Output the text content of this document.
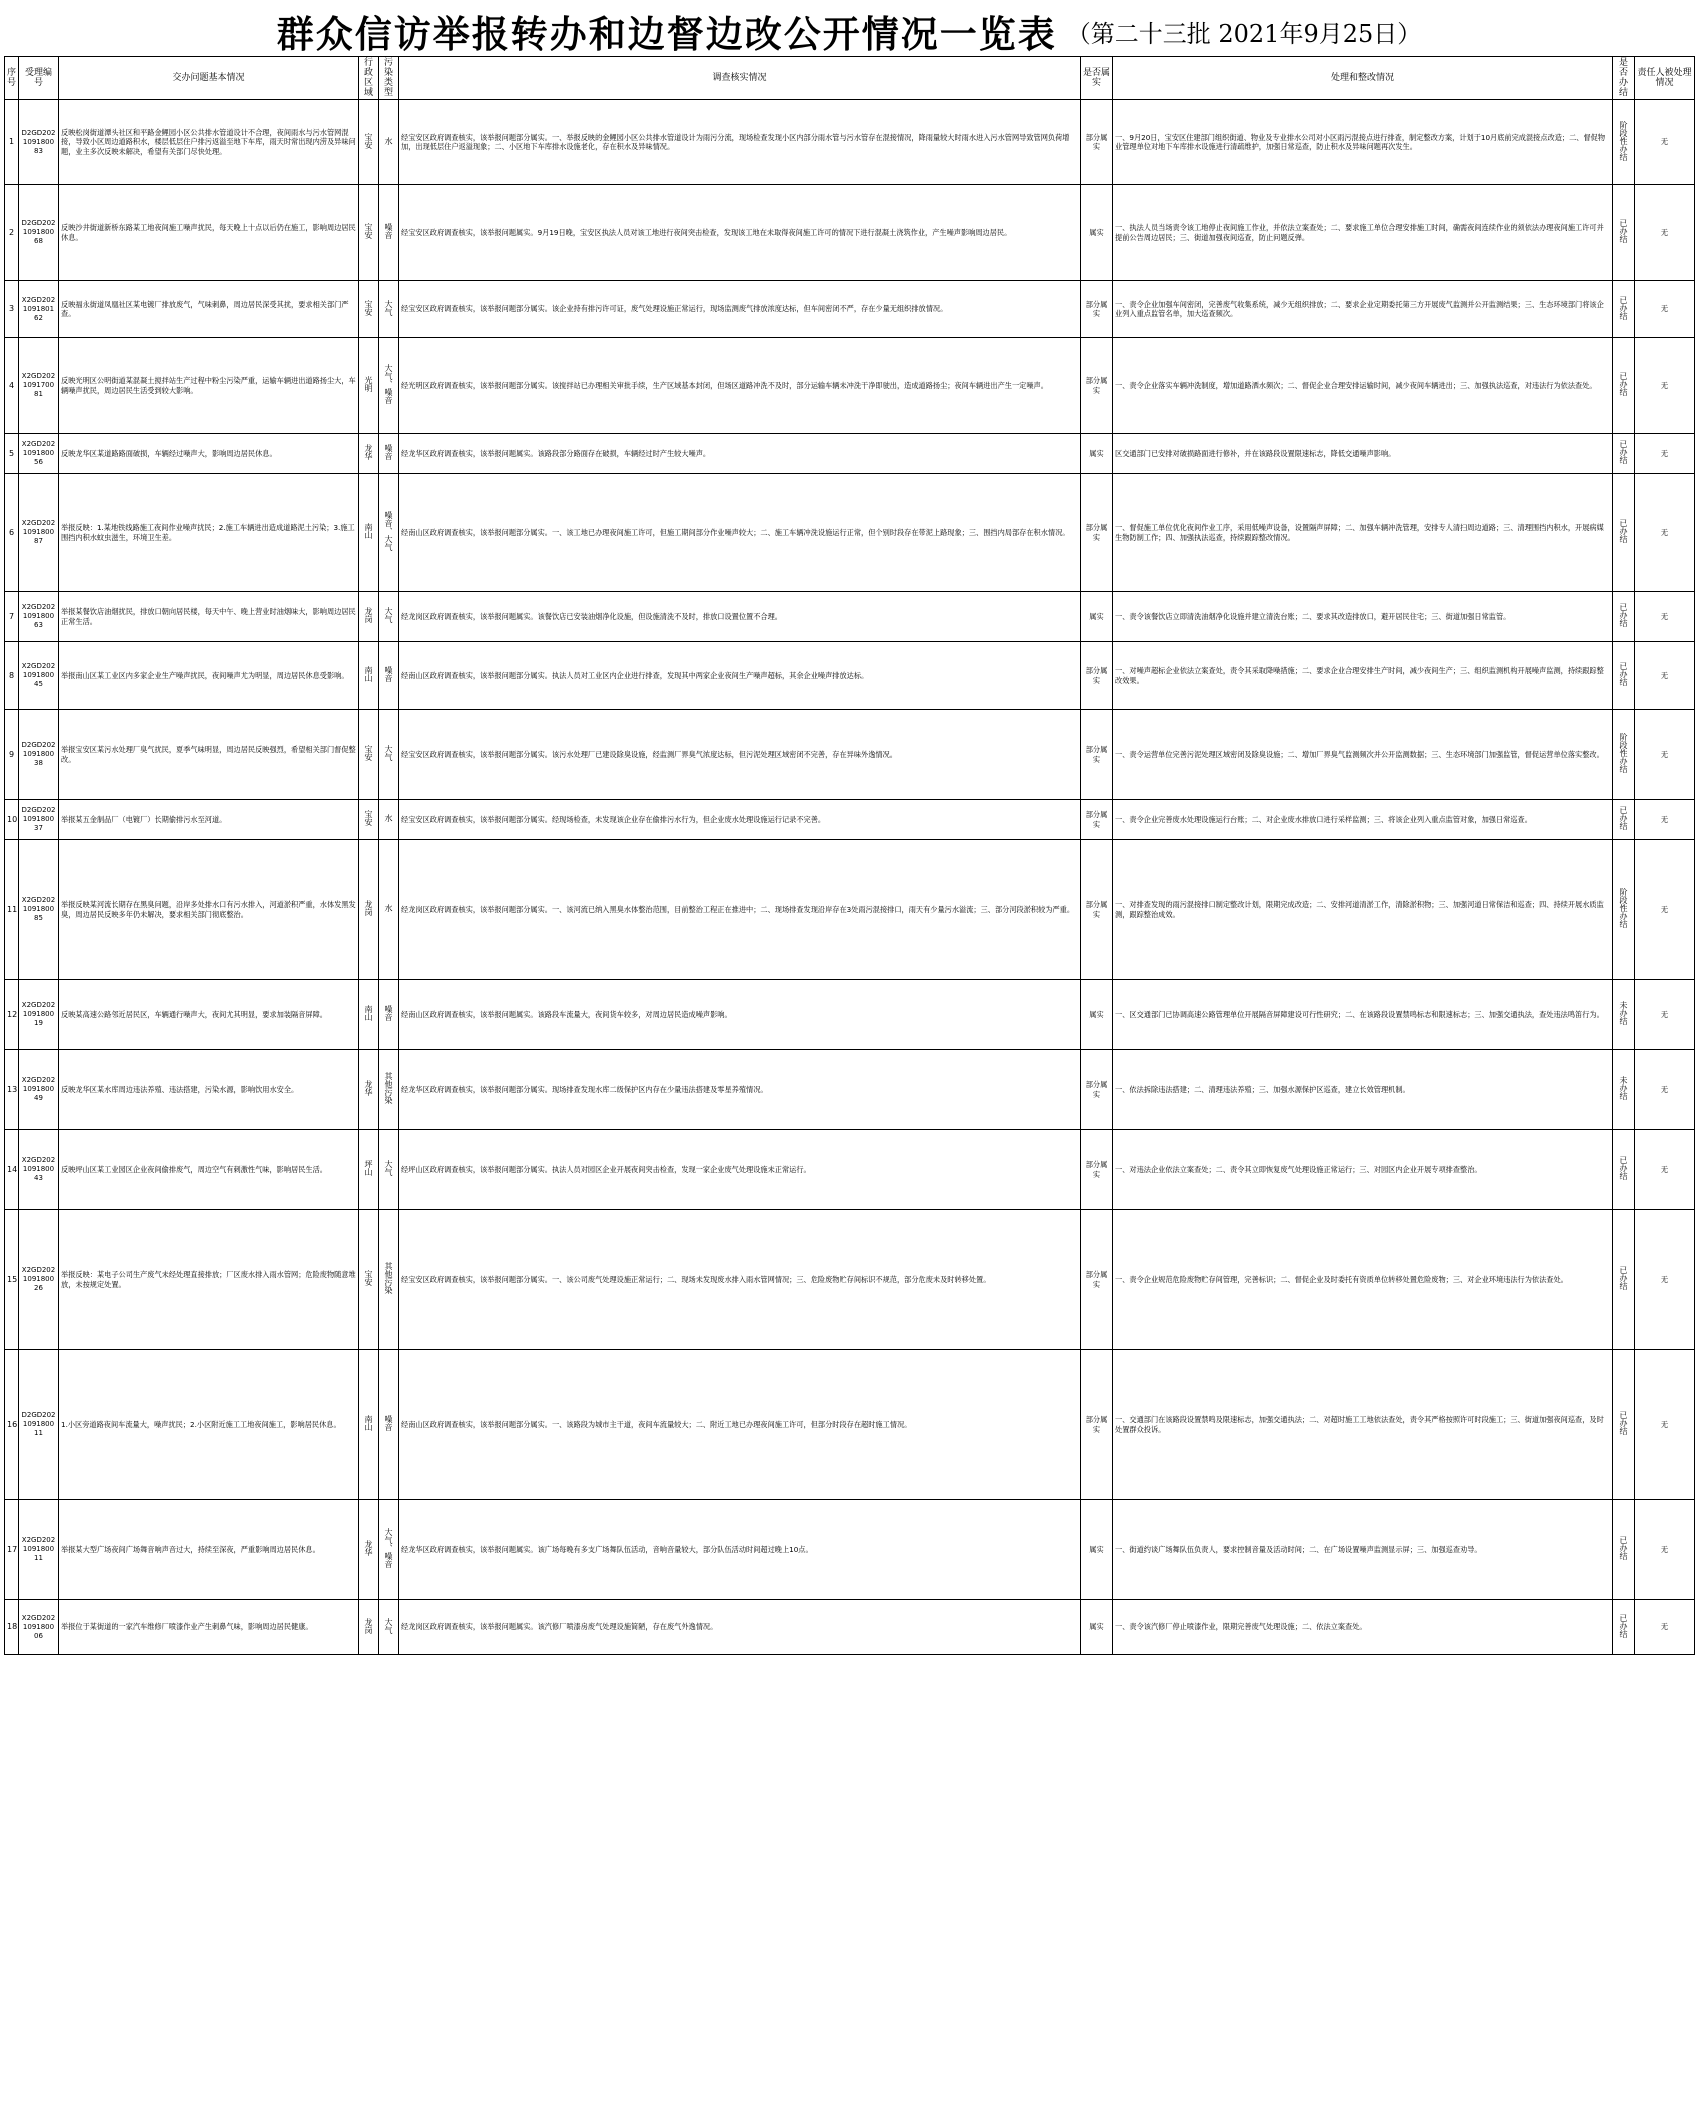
群众信访举报转办和边督边改公开情况一览表 （第二十三批 2021年9月25日）
序号	受理编号	交办问题基本情况	行政区域	污染类型	调查核实情况	是否属实	处理和整改情况	是否办结	责任人被处理情况
1	D2GD202109180083	反映松岗街道潭头社区和平路金鲤园小区公共排水管道设计不合理，夜间雨水与污水管网混接，导致小区周边道路积水，楼层低层住户排污返溢至地下车库，雨天时常出现内涝及异味问题，业主多次反映未解决，希望有关部门尽快处理。	宝安	水	经宝安区政府调查核实，该举报问题部分属实。一、举报反映的金鲤园小区公共排水管道设计为雨污分流，现场检查发现小区内部分雨水管与污水管存在混接情况，降雨量较大时雨水进入污水管网导致管网负荷增加，出现低层住户返溢现象；二、小区地下车库排水设施老化，存在积水及异味情况。	部分属实	一、9月20日，宝安区住建部门组织街道、物业及专业排水公司对小区雨污混接点进行排查，制定整改方案，计划于10月底前完成混接点改造；二、督促物业管理单位对地下车库排水设施进行清疏维护，加强日常巡查，防止积水及异味问题再次发生。	阶段性办结	无
2	D2GD202109180068	反映沙井街道新桥东路某工地夜间施工噪声扰民，每天晚上十点以后仍在施工，影响周边居民休息。	宝安	噪音	经宝安区政府调查核实，该举报问题属实。9月19日晚，宝安区执法人员对该工地进行夜间突击检查，发现该工地在未取得夜间施工许可的情况下进行混凝土浇筑作业，产生噪声影响周边居民。	属实	一、执法人员当场责令该工地停止夜间施工作业，并依法立案查处；二、要求施工单位合理安排施工时间，确需夜间连续作业的须依法办理夜间施工许可并提前公告周边居民；三、街道加强夜间巡查，防止问题反弹。	已办结	无
3	X2GD202109180162	反映福永街道凤凰社区某电镀厂排放废气，气味刺鼻，周边居民深受其扰，要求相关部门严查。	宝安	大气	经宝安区政府调查核实，该举报问题部分属实。该企业持有排污许可证，废气处理设施正常运行，现场监测废气排放浓度达标，但车间密闭不严，存在少量无组织排放情况。	部分属实	一、责令企业加强车间密闭，完善废气收集系统，减少无组织排放；二、要求企业定期委托第三方开展废气监测并公开监测结果；三、生态环境部门将该企业列入重点监管名单，加大巡查频次。	已办结	无
4	X2GD202109170081	反映光明区公明街道某混凝土搅拌站生产过程中粉尘污染严重，运输车辆进出道路扬尘大，车辆噪声扰民，周边居民生活受到较大影响。	光明	大气、噪音	经光明区政府调查核实，该举报问题部分属实。该搅拌站已办理相关审批手续，生产区域基本封闭，但场区道路冲洗不及时，部分运输车辆未冲洗干净即驶出，造成道路扬尘；夜间车辆进出产生一定噪声。	部分属实	一、责令企业落实车辆冲洗制度，增加道路洒水频次；二、督促企业合理安排运输时间，减少夜间车辆进出；三、加强执法巡查，对违法行为依法查处。	已办结	无
5	X2GD202109180056	反映龙华区某道路路面破损，车辆经过噪声大，影响周边居民休息。	龙华	噪音	经龙华区政府调查核实，该举报问题属实。该路段部分路面存在破损，车辆经过时产生较大噪声。	属实	区交通部门已安排对破损路面进行修补，并在该路段设置限速标志，降低交通噪声影响。	已办结	无
6	X2GD202109180087	举报反映：1.某地铁线路施工夜间作业噪声扰民；2.施工车辆进出造成道路泥土污染；3.施工围挡内积水蚊虫滋生，环境卫生差。	南山	噪音、大气	经南山区政府调查核实，该举报问题部分属实。一、该工地已办理夜间施工许可，但施工期间部分作业噪声较大；二、施工车辆冲洗设施运行正常，但个别时段存在带泥上路现象；三、围挡内局部存在积水情况。	部分属实	一、督促施工单位优化夜间作业工序，采用低噪声设备，设置隔声屏障；二、加强车辆冲洗管理，安排专人清扫周边道路；三、清理围挡内积水，开展病媒生物防制工作；四、加强执法巡查，持续跟踪整改情况。	已办结	无
7	X2GD202109180063	举报某餐饮店油烟扰民，排放口朝向居民楼，每天中午、晚上营业时油烟味大，影响周边居民正常生活。	龙岗	大气	经龙岗区政府调查核实，该举报问题属实。该餐饮店已安装油烟净化设施，但设施清洗不及时，排放口设置位置不合理。	属实	一、责令该餐饮店立即清洗油烟净化设施并建立清洗台账；二、要求其改造排放口，避开居民住宅；三、街道加强日常监管。	已办结	无
8	X2GD202109180045	举报南山区某工业区内多家企业生产噪声扰民，夜间噪声尤为明显，周边居民休息受影响。	南山	噪音	经南山区政府调查核实，该举报问题部分属实。执法人员对工业区内企业进行排查，发现其中两家企业夜间生产噪声超标，其余企业噪声排放达标。	部分属实	一、对噪声超标企业依法立案查处，责令其采取降噪措施；二、要求企业合理安排生产时间，减少夜间生产；三、组织监测机构开展噪声监测，持续跟踪整改效果。	已办结	无
9	D2GD202109180038	举报宝安区某污水处理厂臭气扰民，夏季气味明显，周边居民反映强烈，希望相关部门督促整改。	宝安	大气	经宝安区政府调查核实，该举报问题部分属实。该污水处理厂已建设除臭设施，经监测厂界臭气浓度达标，但污泥处理区域密闭不完善，存在异味外逸情况。	部分属实	一、责令运营单位完善污泥处理区域密闭及除臭设施；二、增加厂界臭气监测频次并公开监测数据；三、生态环境部门加强监管，督促运营单位落实整改。	阶段性办结	无
10	D2GD202109180037	举报某五金制品厂（电镀厂）长期偷排污水至河道。	宝安	水	经宝安区政府调查核实，该举报问题部分属实。经现场检查，未发现该企业存在偷排污水行为，但企业废水处理设施运行记录不完善。	部分属实	一、责令企业完善废水处理设施运行台账；二、对企业废水排放口进行采样监测；三、将该企业列入重点监管对象，加强日常巡查。	已办结	无
11	X2GD202109180085	举报反映某河流长期存在黑臭问题，沿岸多处排水口有污水排入，河道淤积严重，水体发黑发臭，周边居民反映多年仍未解决，要求相关部门彻底整治。	龙岗	水	经龙岗区政府调查核实，该举报问题部分属实。一、该河流已纳入黑臭水体整治范围，目前整治工程正在推进中；二、现场排查发现沿岸存在3处雨污混接排口，雨天有少量污水溢流；三、部分河段淤积较为严重。	部分属实	一、对排查发现的雨污混接排口制定整改计划，限期完成改造；二、安排河道清淤工作，清除淤积物；三、加强河道日常保洁和巡查；四、持续开展水质监测，跟踪整治成效。	阶段性办结	无
12	X2GD202109180019	反映某高速公路邻近居民区，车辆通行噪声大，夜间尤其明显，要求加装隔音屏障。	南山	噪音	经南山区政府调查核实，该举报问题属实。该路段车流量大，夜间货车较多，对周边居民造成噪声影响。	属实	一、区交通部门已协调高速公路管理单位开展隔音屏障建设可行性研究；二、在该路段设置禁鸣标志和限速标志；三、加强交通执法，查处违法鸣笛行为。	未办结	无
13	X2GD202109180049	反映龙华区某水库周边违法养殖、违法搭建，污染水源，影响饮用水安全。	龙华	其他污染	经龙华区政府调查核实，该举报问题部分属实。现场排查发现水库二级保护区内存在少量违法搭建及零星养殖情况。	部分属实	一、依法拆除违法搭建；二、清理违法养殖；三、加强水源保护区巡查，建立长效管理机制。	未办结	无
14	X2GD202109180043	反映坪山区某工业园区企业夜间偷排废气，周边空气有刺激性气味，影响居民生活。	坪山	大气	经坪山区政府调查核实，该举报问题部分属实。执法人员对园区企业开展夜间突击检查，发现一家企业废气处理设施未正常运行。	部分属实	一、对违法企业依法立案查处；二、责令其立即恢复废气处理设施正常运行；三、对园区内企业开展专项排查整治。	已办结	无
15	X2GD202109180026	举报反映：某电子公司生产废气未经处理直接排放；厂区废水排入雨水管网；危险废物随意堆放，未按规定处置。	宝安	其他污染	经宝安区政府调查核实，该举报问题部分属实。一、该公司废气处理设施正常运行；二、现场未发现废水排入雨水管网情况；三、危险废物贮存间标识不规范，部分危废未及时转移处置。	部分属实	一、责令企业规范危险废物贮存间管理，完善标识；二、督促企业及时委托有资质单位转移处置危险废物；三、对企业环境违法行为依法查处。	已办结	无
16	D2GD202109180011	1.小区旁道路夜间车流量大，噪声扰民；2.小区附近施工工地夜间施工，影响居民休息。	南山	噪音	经南山区政府调查核实，该举报问题部分属实。一、该路段为城市主干道，夜间车流量较大；二、附近工地已办理夜间施工许可，但部分时段存在超时施工情况。	部分属实	一、交通部门在该路段设置禁鸣及限速标志，加强交通执法；二、对超时施工工地依法查处，责令其严格按照许可时段施工；三、街道加强夜间巡查，及时处置群众投诉。	已办结	无
17	X2GD202109180011	举报某大型广场夜间广场舞音响声音过大，持续至深夜，严重影响周边居民休息。	龙华	大气、噪音	经龙华区政府调查核实，该举报问题属实。该广场每晚有多支广场舞队伍活动，音响音量较大，部分队伍活动时间超过晚上10点。	属实	一、街道约谈广场舞队伍负责人，要求控制音量及活动时间；二、在广场设置噪声监测显示屏；三、加强巡查劝导。	已办结	无
18	X2GD202109180006	举报位于某街道的一家汽车维修厂喷漆作业产生刺鼻气味，影响周边居民健康。	龙岗	大气	经龙岗区政府调查核实，该举报问题属实。该汽修厂喷漆房废气处理设施简陋，存在废气外逸情况。	属实	一、责令该汽修厂停止喷漆作业，限期完善废气处理设施；二、依法立案查处。	已办结	无
